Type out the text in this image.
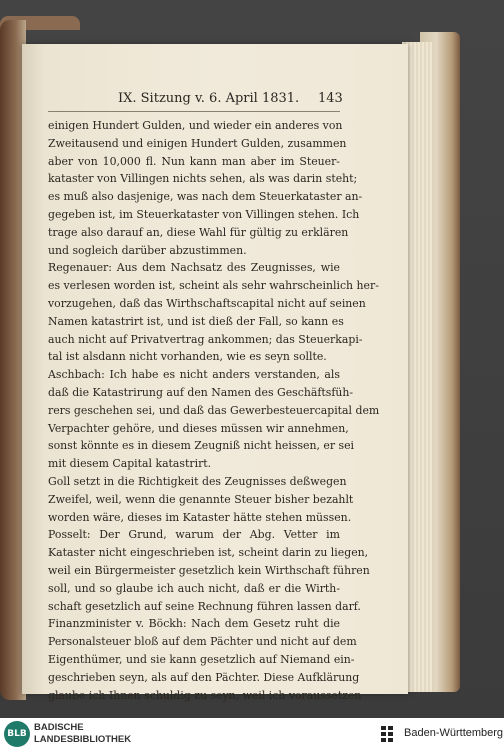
IX. Sitzung v. 6. April 1831. 143
einigen Hundert Gulden, und wieder ein anderes von
Zweitausend und einigen Hundert Gulden, zusammen
aber von 10,000 fl. Nun kann man aber im Steuer-
kataster von Villingen nichts sehen, als was darin steht;
es muß also dasjenige, was nach dem Steuerkataster an-
gegeben ist, im Steuerkataster von Villingen stehen. Ich
trage also darauf an, diese Wahl für gültig zu erklären
und sogleich darüber abzustimmen.
Regenauer: Aus dem Nachsatz des Zeugnisses, wie
es verlesen worden ist, scheint als sehr wahrscheinlich her-
vorzugehen, daß das Wirthschaftscapital nicht auf seinen
Namen katastrirt ist, und ist dieß der Fall, so kann es
auch nicht auf Privatvertrag ankommen; das Steuerkapi-
tal ist alsdann nicht vorhanden, wie es seyn sollte.
Aschbach: Ich habe es nicht anders verstanden, als
daß die Katastrirung auf den Namen des Geschäftsfüh-
rers geschehen sei, und daß das Gewerbesteuercapital dem
Verpachter gehöre, und dieses müssen wir annehmen,
sonst könnte es in diesem Zeugniß nicht heissen, er sei
mit diesem Capital katastrirt.
Goll setzt in die Richtigkeit des Zeugnisses deßwegen
Zweifel, weil, wenn die genannte Steuer bisher bezahlt
worden wäre, dieses im Kataster hätte stehen müssen.
Posselt: Der Grund, warum der Abg. Vetter im
Kataster nicht eingeschrieben ist, scheint darin zu liegen,
weil ein Bürgermeister gesetzlich kein Wirthschaft führen
soll, und so glaube ich auch nicht, daß er die Wirth-
schaft gesetzlich auf seine Rechnung führen lassen darf.
Finanzminister v. Böckh: Nach dem Gesetz ruht die
Personalsteuer bloß auf dem Pächter und nicht auf dem
Eigenthümer, und sie kann gesetzlich auf Niemand ein-
geschrieben seyn, als auf den Pächter. Diese Aufklärung
glaube ich Ihnen schuldig zu seyn, weil ich voraussetzen
BLB
BADISCHE
LANDESBIBLIOTHEK	Baden-Württemberg
